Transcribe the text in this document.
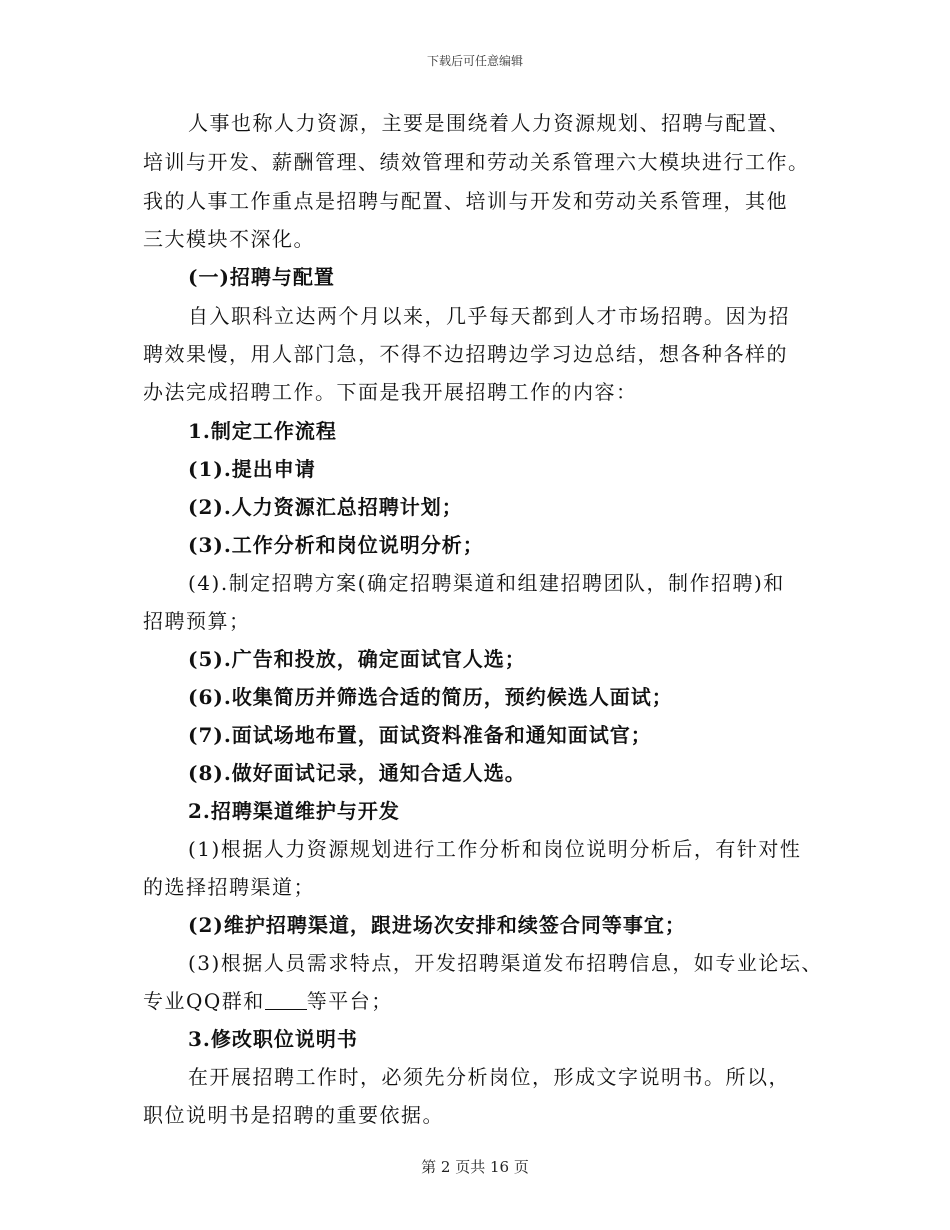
下载后可任意编辑
人事也称人力资源，主要是围绕着人力资源规划、招聘与配置、
培训与开发、薪酬管理、绩效管理和劳动关系管理六大模块进行工作。
我的人事工作重点是招聘与配置、培训与开发和劳动关系管理，其他
三大模块不深化。
(一)招聘与配置
自入职科立达两个月以来，几乎每天都到人才市场招聘。因为招
聘效果慢，用人部门急，不得不边招聘边学习边总结，想各种各样的
办法完成招聘工作。下面是我开展招聘工作的内容：
1.制定工作流程
(1).提出申请
(2).人力资源汇总招聘计划；
(3).工作分析和岗位说明分析；
(4).制定招聘方案(确定招聘渠道和组建招聘团队，制作招聘)和
招聘预算；
(5).广告和投放，确定面试官人选；
(6).收集简历并筛选合适的简历，预约候选人面试；
(7).面试场地布置，面试资料准备和通知面试官；
(8).做好面试记录，通知合适人选。
2.招聘渠道维护与开发
(1)根据人力资源规划进行工作分析和岗位说明分析后，有针对性
的选择招聘渠道；
(2)维护招聘渠道，跟进场次安排和续签合同等事宜；
(3)根据人员需求特点，开发招聘渠道发布招聘信息，如专业论坛、
专业QQ群和 等平台；
3.修改职位说明书
在开展招聘工作时，必须先分析岗位，形成文字说明书。所以，
职位说明书是招聘的重要依据。
第 2 页共 16 页
